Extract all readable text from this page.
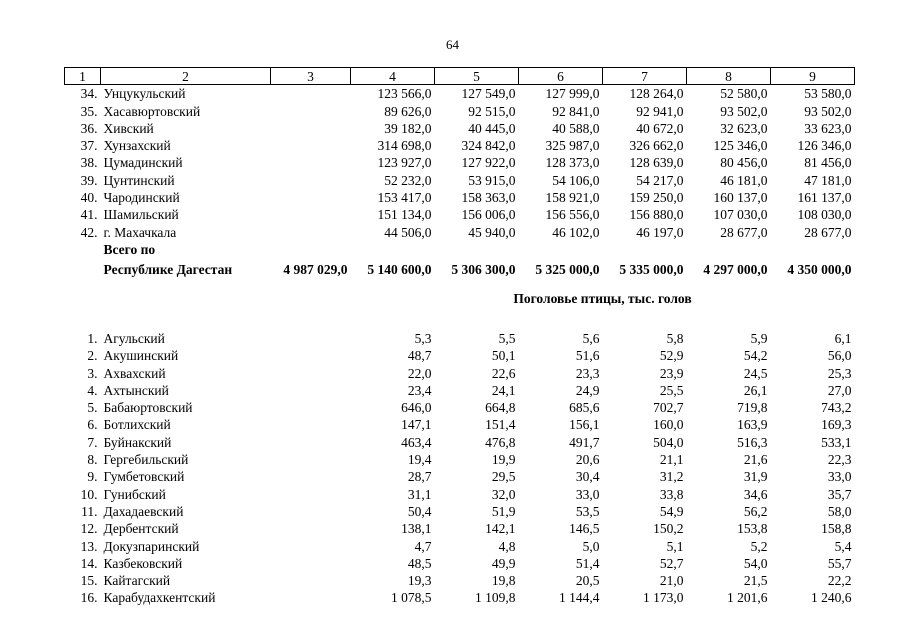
64
1	2	3	4	5	6	7	8	9
34.	Унцукульский		123 566,0	127 549,0	127 999,0	128 264,0	52 580,0	53 580,0
35.	Хасавюртовский		89 626,0	92 515,0	92 841,0	92 941,0	93 502,0	93 502,0
36.	Хивский		39 182,0	40 445,0	40 588,0	40 672,0	32 623,0	33 623,0
37.	Хунзахский		314 698,0	324 842,0	325 987,0	326 662,0	125 346,0	126 346,0
38.	Цумадинский		123 927,0	127 922,0	128 373,0	128 639,0	80 456,0	81 456,0
39.	Цунтинский		52 232,0	53 915,0	54 106,0	54 217,0	46 181,0	47 181,0
40.	Чародинский		153 417,0	158 363,0	158 921,0	159 250,0	160 137,0	161 137,0
41.	Шамильский		151 134,0	156 006,0	156 556,0	156 880,0	107 030,0	108 030,0
42.	г. Махачкала		44 506,0	45 940,0	46 102,0	46 197,0	28 677,0	28 677,0
	Всего по							
	Республике Дагестан	4 987 029,0	5 140 600,0	5 306 300,0	5 325 000,0	5 335 000,0	4 297 000,0	4 350 000,0
			Поголовье птицы, тыс. голов					

1.	Агульский		5,3	5,5	5,6	5,8	5,9	6,1
2.	Акушинский		48,7	50,1	51,6	52,9	54,2	56,0
3.	Ахвахский		22,0	22,6	23,3	23,9	24,5	25,3
4.	Ахтынский		23,4	24,1	24,9	25,5	26,1	27,0
5.	Бабаюртовский		646,0	664,8	685,6	702,7	719,8	743,2
6.	Ботлихский		147,1	151,4	156,1	160,0	163,9	169,3
7.	Буйнакский		463,4	476,8	491,7	504,0	516,3	533,1
8.	Гергебильский		19,4	19,9	20,6	21,1	21,6	22,3
9.	Гумбетовский		28,7	29,5	30,4	31,2	31,9	33,0
10.	Гунибский		31,1	32,0	33,0	33,8	34,6	35,7
11.	Дахадаевский		50,4	51,9	53,5	54,9	56,2	58,0
12.	Дербентский		138,1	142,1	146,5	150,2	153,8	158,8
13.	Докузпаринский		4,7	4,8	5,0	5,1	5,2	5,4
14.	Казбековский		48,5	49,9	51,4	52,7	54,0	55,7
15.	Кайтагский		19,3	19,8	20,5	21,0	21,5	22,2
16.	Карабудахкентский		1 078,5	1 109,8	1 144,4	1 173,0	1 201,6	1 240,6
